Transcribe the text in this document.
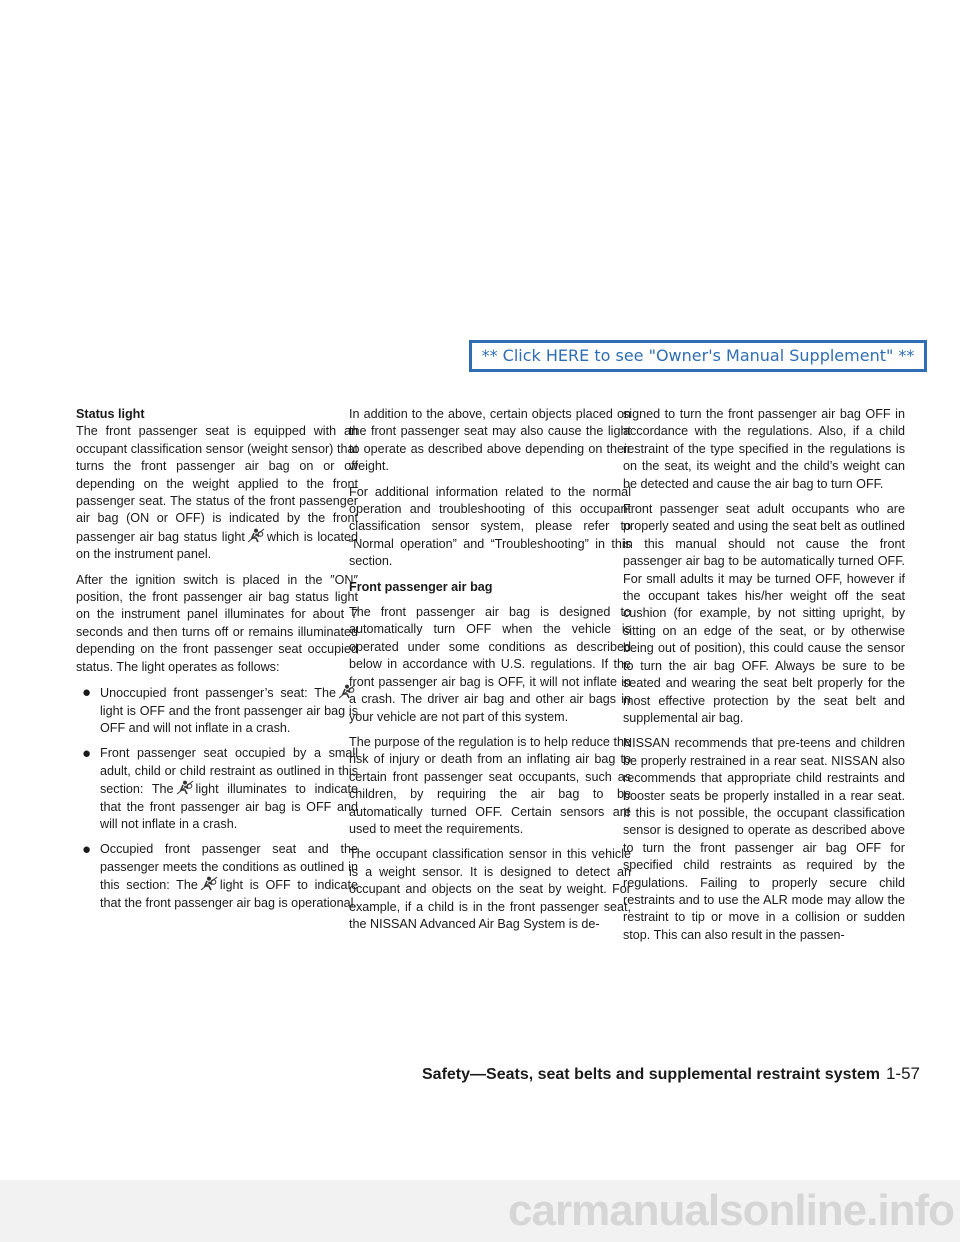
** Click HERE to see "Owner's Manual Supplement" **
Status light

The front passenger seat is equipped with an occupant classification sensor (weight sensor) that turns the front passenger air bag on or off depending on the weight applied to the front passenger seat. The status of the front passenger air bag (ON or OFF) is indicated by the front passenger air bag status light which is located on the instrument panel.

After the ignition switch is placed in the ″ON″ position, the front passenger air bag status light on the instrument panel illuminates for about 7 seconds and then turns off or remains illuminated depending on the front passenger seat occupied status. The light operates as follows:

● Unoccupied front passenger’s seat: The
light is OFF and the front passenger air bag is OFF and will not inflate in a crash.
● Front passenger seat occupied by a small adult, child or child restraint as outlined in this section: The light illuminates to indicate that the front passenger air bag is OFF and will not inflate in a crash.
● Occupied front passenger seat and the passenger meets the conditions as outlined in this section: The light is OFF to indicate that the front passenger air bag is operational.

In addition to the above, certain objects placed on the front passenger seat may also cause the light to operate as described above depending on their weight.

For additional information related to the normal operation and troubleshooting of this occupant classification sensor system, please refer to “Normal operation” and “Troubleshooting” in this section.

Front passenger air bag

The front passenger air bag is designed to automatically turn OFF when the vehicle is operated under some conditions as described below in accordance with U.S. regulations. If the front passenger air bag is OFF, it will not inflate in a crash. The driver air bag and other air bags in your vehicle are not part of this system.

The purpose of the regulation is to help reduce the risk of injury or death from an inflating air bag to certain front passenger seat occupants, such as children, by requiring the air bag to be automatically turned OFF. Certain sensors are used to meet the requirements.

The occupant classification sensor in this vehicle is a weight sensor. It is designed to detect an occupant and objects on the seat by weight. For example, if a child is in the front passenger seat, the NISSAN Advanced Air Bag System is de-

signed to turn the front passenger air bag OFF in accordance with the regulations. Also, if a child restraint of the type specified in the regulations is on the seat, its weight and the child’s weight can be detected and cause the air bag to turn OFF.

Front passenger seat adult occupants who are properly seated and using the seat belt as outlined in this manual should not cause the front passenger air bag to be automatically turned OFF. For small adults it may be turned OFF, however if the occupant takes his/her weight off the seat cushion (for example, by not sitting upright, by sitting on an edge of the seat, or by otherwise being out of position), this could cause the sensor to turn the air bag OFF. Always be sure to be seated and wearing the seat belt properly for the most effective protection by the seat belt and supplemental air bag.

NISSAN recommends that pre-teens and children be properly restrained in a rear seat. NISSAN also recommends that appropriate child restraints and booster seats be properly installed in a rear seat. If this is not possible, the occupant classification sensor is designed to operate as described above to turn the front passenger air bag OFF for specified child restraints as required by the regulations. Failing to properly secure child restraints and to use the ALR mode may allow the restraint to tip or move in a collision or sudden stop. This can also result in the passen-

Safety—Seats, seat belts and supplemental restraint system 1-57
carmanualsonline.info
